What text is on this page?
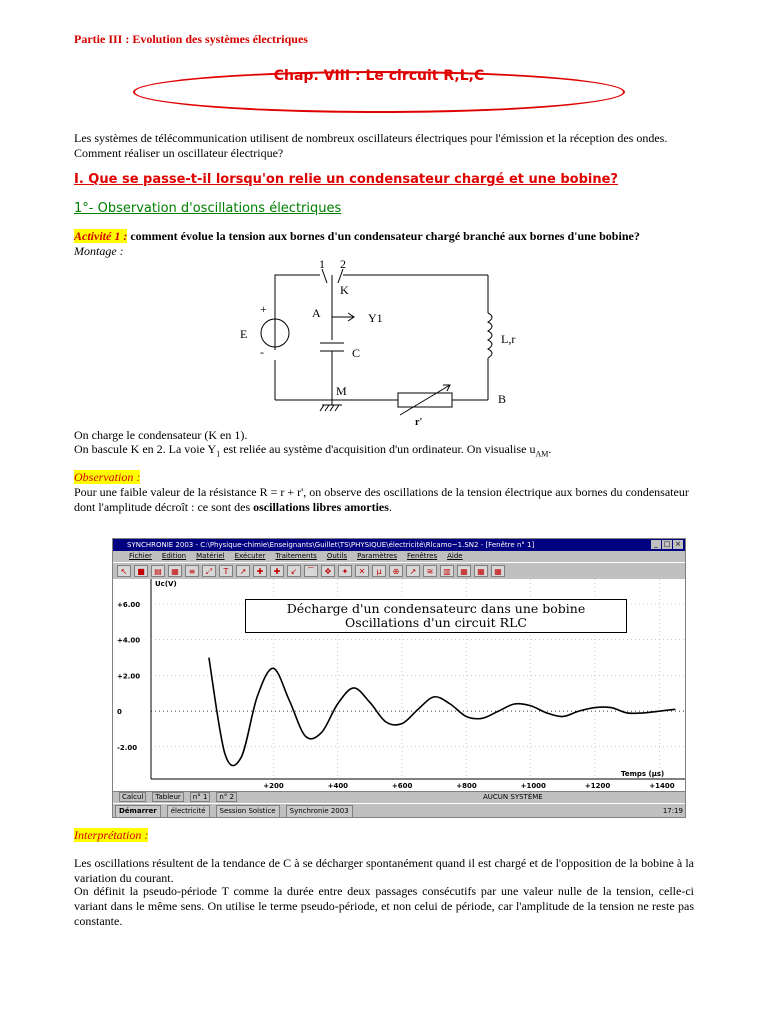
Partie III : Evolution des systèmes électriques
Chap. VIII : Le circuit R,L,C
Les systèmes de télécommunication utilisent de nombreux oscillateurs électriques pour l'émission et la réception des ondes. Comment réaliser un oscillateur électrique?
I. Que se passe-t-il lorsqu'on relie un condensateur chargé et une bobine?
1°- Observation d'oscillations électriques
Activité 1 : comment évolue la tension aux bornes d'un condensateur chargé branché aux bornes d'une bobine?
Montage :
1 2
K
+
-
E
A	Y1
C
M
L,r
B
r'
On charge le condensateur (K en 1).
On bascule K en 2. La voie $Y_1$ est reliée au système d'acquisition d'un ordinateur. On visualise $u_{AM}$.
Observation :
Pour une faible valeur de la résistance R = r + r', on observe des oscillations de la tension électrique aux bornes du condensateur dont l'amplitude décroît : ce sont des oscillations libres amorties.
SYNCHRONIE 2003 - C:\Physique-chimie\Enseignants\Guillet\TS\PHYSIQUE\électricité\Rlcamo~1.SN2 - [Fenêtre n° 1]	_ □ ×
Fichier Edition Matériel Exécuter Traitements Outils Paramètres Fenêtres Aide
↖	■	▤	▦	≡	⤢	T	↗	✚	✚	↙	⌒	✥	✦	✕	μ	⊕	↗	≋	▥	▦	▦	▦
+6.00
+4.00
+2.00
0
-2.00
+200	+400	+600	+800	+1000	+1200	+1400
Uc(V)
Temps (µs)
Décharge d'un condensateurc dans une bobine
Oscillations d'un circuit RLC
Calcul Tableur n° 1 n° 2	AUCUN SYSTÈME
Démarrer	électricité	Session Solstice	Synchronie 2003	17:19
Interprétation :
Les oscillations résultent de la tendance de C à se décharger spontanément quand il est chargé et de l'opposition de la bobine à la variation du courant.
On définit la pseudo-période T comme la durée entre deux passages consécutifs par une valeur nulle de la tension, celle-ci variant dans le même sens. On utilise le terme pseudo-période, et non celui de période, car l'amplitude de la tension ne reste pas constante.
